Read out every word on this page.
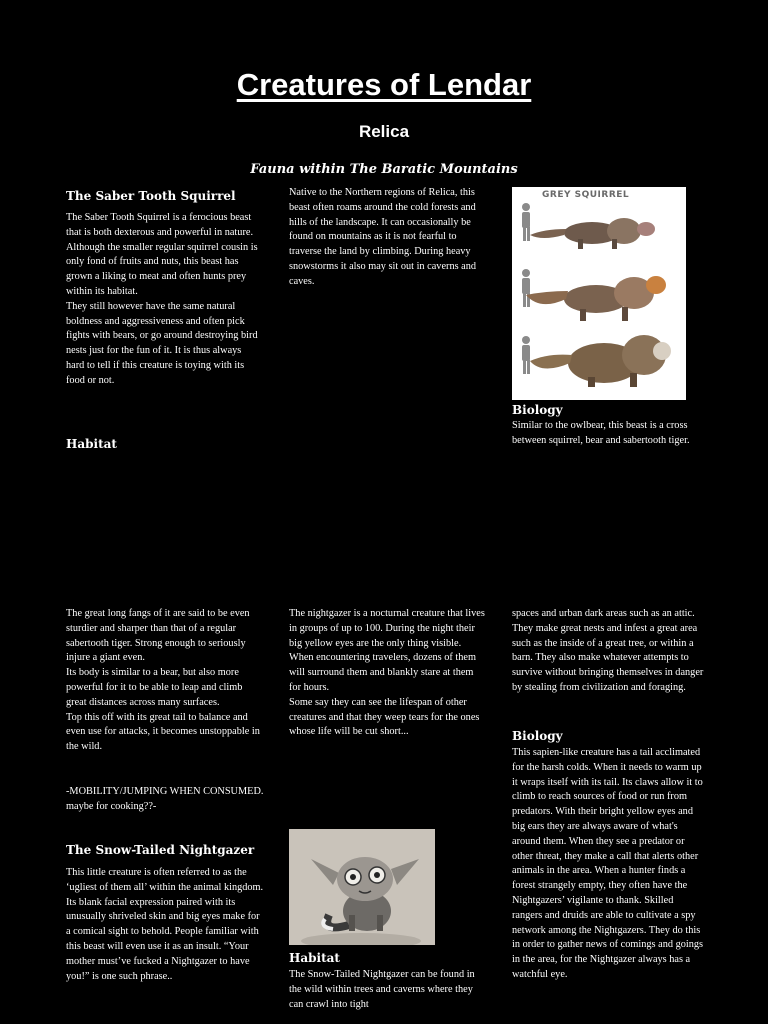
Creatures of Lendar
Relica
Fauna within The Baratic Mountains
The Saber Tooth Squirrel
The Saber Tooth Squirrel is a ferocious beast that is both dexterous and powerful in nature.
Although the smaller regular squirrel cousin is only fond of fruits and nuts, this beast has grown a liking to meat and often hunts prey within its habitat.
They still however have the same natural boldness and aggressiveness and often pick fights with bears, or go around destroying bird nests just for the fun of it. It is thus always hard to tell if this creature is toying with its food or not.
Habitat
Native to the Northern regions of Relica, this beast often roams around the cold forests and hills of the landscape. It can occasionally be found on mountains as it is not fearful to traverse the land by climbing. During heavy snowstorms it also may sit out in caverns and caves.
GREY SQUIRREL
Biology
Similar to the owlbear, this beast is a cross between squirrel, bear and sabertooth tiger.
The great long fangs of it are said to be even sturdier and sharper than that of a regular sabertooth tiger. Strong enough to seriously injure a giant even.
Its body is similar to a bear, but also more powerful for it to be able to leap and climb great distances across many surfaces.
Top this off with its great tail to balance and even use for attacks, it becomes unstoppable in the wild.
-MOBILITY/JUMPING WHEN CONSUMED. maybe for cooking??-
The Snow-Tailed Nightgazer
This little creature is often referred to as the ‘ugliest of them all’ within the animal kingdom. Its blank facial expression paired with its unusually shriveled skin and big eyes make for a comical sight to behold. People familiar with this beast will even use it as an insult. “Your mother must’ve fucked a Nightgazer to have you!” is one such phrase..
The nightgazer is a nocturnal creature that lives in groups of up to 100. During the night their big yellow eyes are the only thing visible. When encountering travelers, dozens of them will surround them and blankly stare at them for hours.
Some say they can see the lifespan of other creatures and that they weep tears for the ones whose life will be cut short...
Habitat
The Snow-Tailed Nightgazer can be found in the wild within trees and caverns where they can crawl into tight
spaces and urban dark areas such as an attic.
They make great nests and infest a great area such as the inside of a great tree, or within a barn. They also make whatever attempts to survive without bringing themselves in danger by stealing from civilization and foraging.
Biology
This sapien-like creature has a tail acclimated for the harsh colds. When it needs to warm up it wraps itself with its tail. Its claws allow it to climb to reach sources of food or run from predators. With their bright yellow eyes and big ears they are always aware of what's around them. When they see a predator or other threat, they make a call that alerts other animals in the area. When a hunter finds a forest strangely empty, they often have the Nightgazers’ vigilante to thank. Skilled rangers and druids are able to cultivate a spy network among the Nightgazers. They do this in order to gather news of comings and goings in the area, for the Nightgazer always has a watchful eye.
